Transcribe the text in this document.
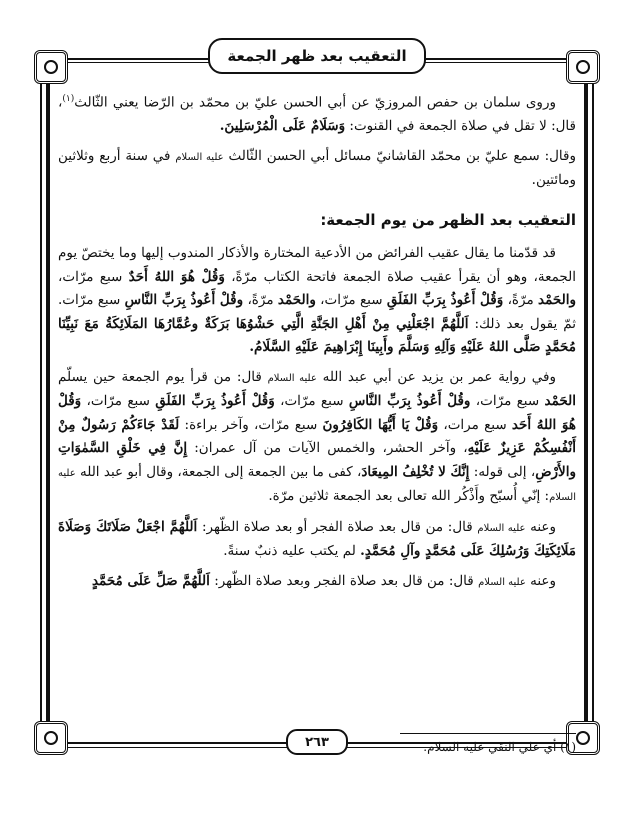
التعقيب بعد ظهر الجمعة

وروى سلمان بن حفص المروزيّ عن أبي الحسن عليّ بن محمّد بن الرّضا يعني الثّالث$^{(١)}$، قال: لا تقل في صلاة الجمعة في القنوت: وَسَلَامٌ عَلَى الْمُرْسَلِينَ.

وقال: سمع عليّ بن محمّد القاشانيّ مسائل أبي الحسن الثّالث عليه السلام في سنة أربع وثلاثين ومائتين.

التعقيب بعد الظهر من يوم الجمعة:

قد قدّمنا ما يقال عقيب الفرائض من الأدعية المختارة والأذكار المندوب إليها وما يختصّ يوم الجمعة، وهو أن يقرأ عقيب صلاة الجمعة فاتحة الكتاب مرّةً، وَقُلْ هُوَ اللهُ أَحَدٌ سبع مرّات، والحَمْد مرّةً، وَقُلْ أَعُوذُ بِرَبِّ الفَلَقِ سبع مرّات، والحَمْد مرّةً، وقُلْ أَعُوذُ بِرَبِّ النَّاسِ سبع مرّات. ثمّ يقول بعد ذلك: اَللَّهُمَّ اجْعَلْنِي مِنْ أَهْلِ الجَنَّةِ الَّتِي حَشْوُهَا بَرَكَةٌ وعُمَّارُهَا المَلَائِكَةُ مَعَ نَبِيِّنَا مُحَمَّدٍ صَلَّى اللهُ عَلَيْهِ وَآلِهِ وَسَلَّمَ وأَبِينَا إِبْرَاهِيمَ عَلَيْهِ السَّلَامُ.

وفي رواية عمر بن يزيد عن أبي عبد الله عليه السلام قال: من قرأ يوم الجمعة حين يسلّم الحَمْد سبع مرّات، وقُلْ أَعُوذُ بِرَبِّ النَّاسِ سبع مرّات، وَقُلْ أَعُوذُ بِرَبِّ الفَلَقِ سبع مرّات، وَقُلْ هُوَ اللهُ أَحَد سبع مرات، وَقُلْ يَا أَيُّهَا الكَافِرُونَ سبع مرّات، وآخر براءة: لَقَدْ جَاءَكُمْ رَسُولٌ مِنْ أَنْفُسِكُمْ عَزِيزٌ عَلَيْهِ، وآخر الحشر، والخمس الآيات من آل عمران: إِنَّ فِي خَلْقِ السَّمٰوَاتِ والأَرْضِ، إلى قوله: إِنَّكَ لا تُخْلِفُ المِيعَادَ، كفى ما بين الجمعة إلى الجمعة، وقال أبو عبد الله عليه السلام: إنّي أُسبّح وأَذْكُر الله تعالى بعد الجمعة ثلاثين مرّة.

وعنه عليه السلام قال: من قال بعد صلاة الفجر أو بعد صلاة الظّهر: اَللَّهُمَّ اجْعَلْ صَلَاتَكَ وَصَلَاةَ مَلَائِكَتِكَ وَرُسُلِكَ عَلَى مُحَمَّدٍ وآلِ مُحَمَّدٍ. لم يكتب عليه ذنبٌ سنةً.

وعنه عليه السلام قال: من قال بعد صلاة الفجر وبعد صلاة الظّهر: اَللَّهُمَّ صَلِّ عَلَى مُحَمَّدٍ

(١) أي علي النقي عليه السلام.
٢٦٣
